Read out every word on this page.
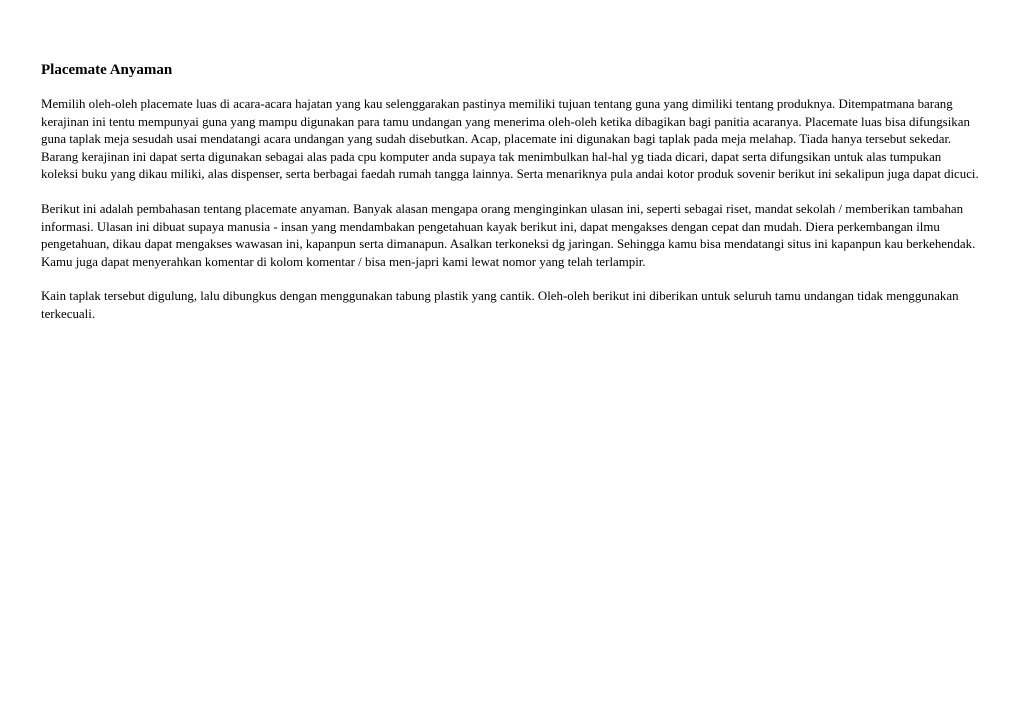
Placemate Anyaman

Memilih oleh-oleh placemate luas di acara-acara hajatan yang kau selenggarakan pastinya memiliki tujuan tentang guna yang dimiliki tentang produknya. Ditempatmana barang kerajinan ini tentu mempunyai guna yang mampu digunakan para tamu undangan yang menerima oleh-oleh ketika dibagikan bagi panitia acaranya. Placemate luas bisa difungsikan guna taplak meja sesudah usai mendatangi acara undangan yang sudah disebutkan. Acap, placemate ini digunakan bagi taplak pada meja melahap. Tiada hanya tersebut sekedar. Barang kerajinan ini dapat serta digunakan sebagai alas pada cpu komputer anda supaya tak menimbulkan hal-hal yg tiada dicari, dapat serta difungsikan untuk alas tumpukan koleksi buku yang dikau miliki, alas dispenser, serta berbagai faedah rumah tangga lainnya. Serta menariknya pula andai kotor produk sovenir berikut ini sekalipun juga dapat dicuci.

Berikut ini adalah pembahasan tentang placemate anyaman. Banyak alasan mengapa orang menginginkan ulasan ini, seperti sebagai riset, mandat sekolah / memberikan tambahan informasi. Ulasan ini dibuat supaya manusia - insan yang mendambakan pengetahuan kayak berikut ini, dapat mengakses dengan cepat dan mudah. Diera perkembangan ilmu pengetahuan, dikau dapat mengakses wawasan ini, kapanpun serta dimanapun. Asalkan terkoneksi dg jaringan. Sehingga kamu bisa mendatangi situs ini kapanpun kau berkehendak. Kamu juga dapat menyerahkan komentar di kolom komentar / bisa men-japri kami lewat nomor yang telah terlampir.

Kain taplak tersebut digulung, lalu dibungkus dengan menggunakan tabung plastik yang cantik. Oleh-oleh berikut ini diberikan untuk seluruh tamu undangan tidak menggunakan terkecuali.
